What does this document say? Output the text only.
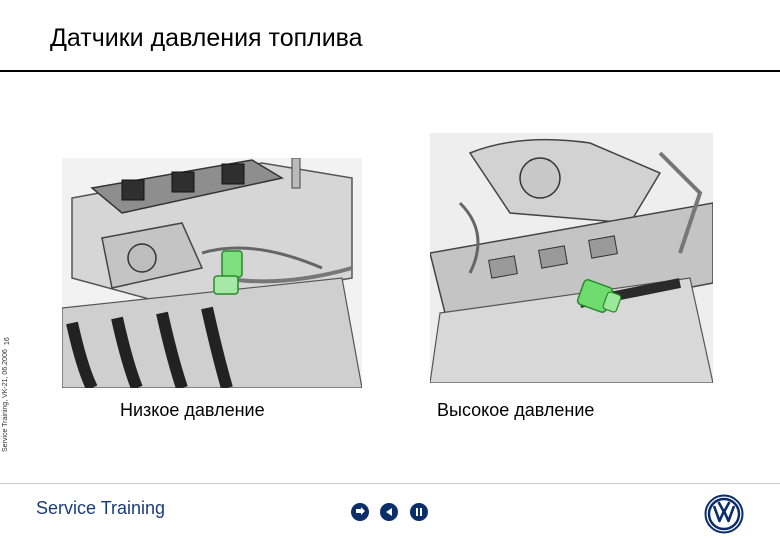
Датчики давления топлива
16
Service Training, VK-21, 06.2006	Низкое давление	Высокое давление
Service Training
